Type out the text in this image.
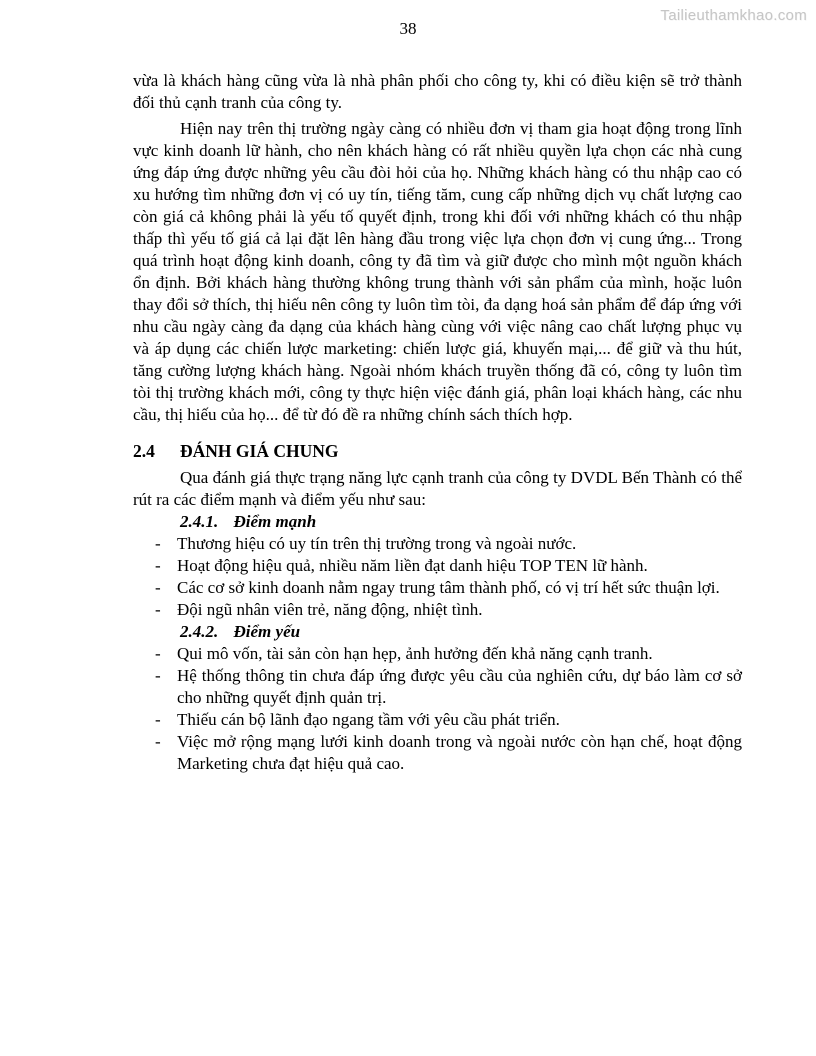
Tailieuthamkhao.com
38

vừa là khách hàng cũng vừa là nhà phân phối cho công ty, khi có điều kiện sẽ trở thành đối thủ cạnh tranh của công ty.

Hiện nay trên thị trường ngày càng có nhiều đơn vị tham gia hoạt động trong lĩnh vực kinh doanh lữ hành, cho nên khách hàng có rất nhiều quyền lựa chọn các nhà cung ứng đáp ứng được những yêu cầu đòi hỏi của họ. Những khách hàng có thu nhập cao có xu hướng tìm những đơn vị có uy tín, tiếng tăm, cung cấp những dịch vụ chất lượng cao còn giá cả không phải là yếu tố quyết định, trong khi đối với những khách có thu nhập thấp thì yếu tố giá cả lại đặt lên hàng đầu trong việc lựa chọn đơn vị cung ứng... Trong quá trình hoạt động kinh doanh, công ty đã tìm và giữ được cho mình một nguồn khách ổn định. Bởi khách hàng thường không trung thành với sản phẩm của mình, hoặc luôn thay đổi sở thích, thị hiếu nên công ty luôn tìm tòi, đa dạng hoá sản phẩm để đáp ứng với nhu cầu ngày càng đa dạng của khách hàng cùng với việc nâng cao chất lượng phục vụ và áp dụng các chiến lược marketing: chiến lược giá, khuyến mại,... để giữ và thu hút, tăng cường lượng khách hàng. Ngoài nhóm khách truyền thống đã có, công ty luôn tìm tòi thị trường khách mới, công ty thực hiện việc đánh giá, phân loại khách hàng, các nhu cầu, thị hiếu của họ... để từ đó đề ra những chính sách thích hợp.

2.4	ĐÁNH GIÁ CHUNG

Qua đánh giá thực trạng năng lực cạnh tranh của công ty DVDL Bến Thành có thể rút ra các điểm mạnh và điểm yếu như sau:

2.4.1. Điểm mạnh
- Thương hiệu có uy tín trên thị trường trong và ngoài nước.
- Hoạt động hiệu quả, nhiều năm liền đạt danh hiệu TOP TEN lữ hành.
- Các cơ sở kinh doanh nằm ngay trung tâm thành phố, có vị trí hết sức thuận lợi.
- Đội ngũ nhân viên trẻ, năng động, nhiệt tình.
2.4.2. Điểm yếu
- Qui mô vốn, tài sản còn hạn hẹp, ảnh hưởng đến khả năng cạnh tranh.
- Hệ thống thông tin chưa đáp ứng được yêu cầu của nghiên cứu, dự báo làm cơ sở cho những quyết định quản trị.
- Thiếu cán bộ lãnh đạo ngang tầm với yêu cầu phát triển.
- Việc mở rộng mạng lưới kinh doanh trong và ngoài nước còn hạn chế, hoạt động Marketing chưa đạt hiệu quả cao.
